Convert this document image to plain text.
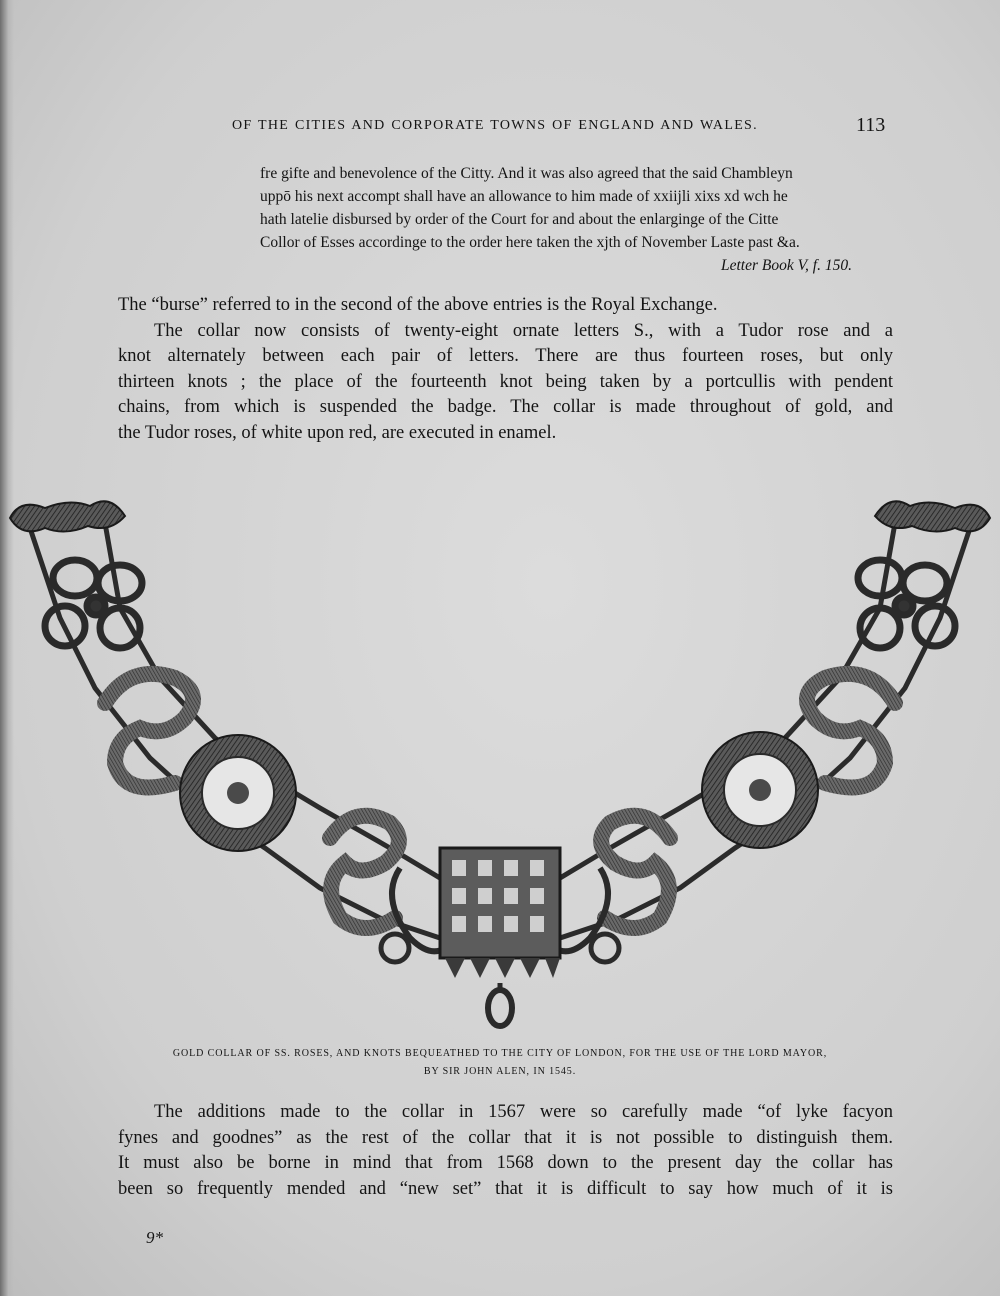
OF THE CITIES AND CORPORATE TOWNS OF ENGLAND AND WALES.	113
fre gifte and benevolence of the Citty. And it was also agreed that the said Chambleyn
uppō his next accompt shall have an allowance to him made of xxiijli xixs xd wch he
hath latelie disbursed by order of the Court for and about the enlarginge of the Citte
Collor of Esses accordinge to the order here taken the xjth of November Laste past &a.
Letter Book V, f. 150.
The “burse” referred to in the second of the above entries is the Royal Exchange.
The collar now consists of twenty-eight ornate letters S., with a Tudor rose and a
knot alternately between each pair of letters. There are thus fourteen roses, but only
thirteen knots ; the place of the fourteenth knot being taken by a portcullis with pendent
chains, from which is suspended the badge. The collar is made throughout of gold, and
the Tudor roses, of white upon red, are executed in enamel.
GOLD COLLAR OF SS. ROSES, AND KNOTS BEQUEATHED TO THE CITY OF LONDON, FOR THE USE OF THE LORD MAYOR,
BY SIR JOHN ALEN, IN 1545.
The additions made to the collar in 1567 were so carefully made “of lyke facyon
fynes and goodnes” as the rest of the collar that it is not possible to distinguish them.
It must also be borne in mind that from 1568 down to the present day the collar has
been so frequently mended and “new set” that it is difficult to say how much of it is
9*
